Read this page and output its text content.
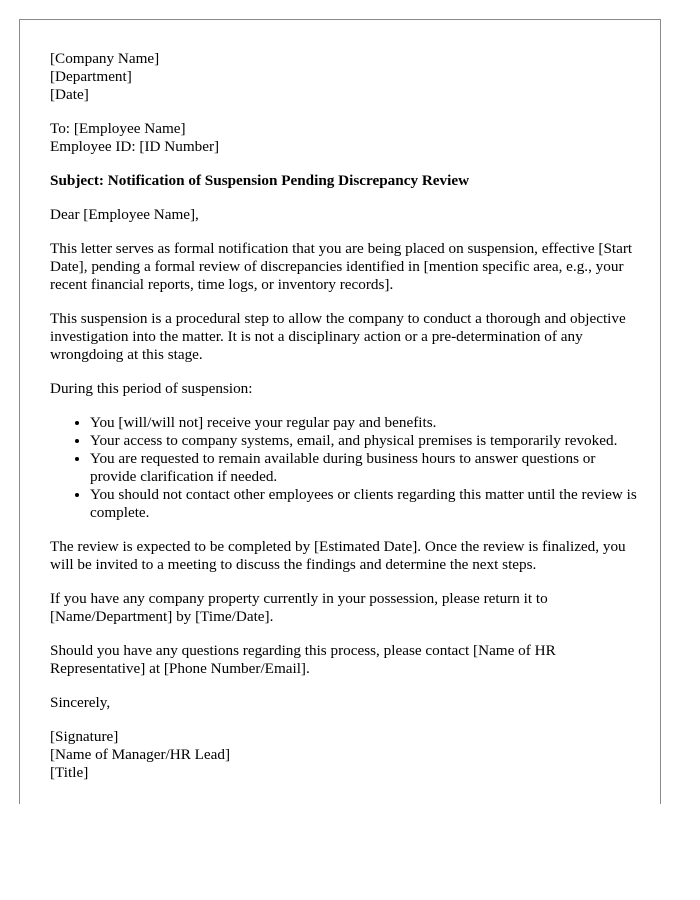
[Company Name]
[Department]
[Date]
To: [Employee Name]
Employee ID: [ID Number]

Subject: Notification of Suspension Pending Discrepancy Review

Dear [Employee Name],

This letter serves as formal notification that you are being placed on suspension, effective [Start Date], pending a formal review of discrepancies identified in [mention specific area, e.g., your recent financial reports, time logs, or inventory records].

This suspension is a procedural step to allow the company to conduct a thorough and objective investigation into the matter. It is not a disciplinary action or a pre-determination of any wrongdoing at this stage.

During this period of suspension:

• You [will/will not] receive your regular pay and benefits.
• Your access to company systems, email, and physical premises is temporarily revoked.
• You are requested to remain available during business hours to answer questions or provide clarification if needed.
• You should not contact other employees or clients regarding this matter until the review is complete.

The review is expected to be completed by [Estimated Date]. Once the review is finalized, you will be invited to a meeting to discuss the findings and determine the next steps.

If you have any company property currently in your possession, please return it to [Name/Department] by [Time/Date].

Should you have any questions regarding this process, please contact [Name of HR Representative] at [Phone Number/Email].

Sincerely,

[Signature]
[Name of Manager/HR Lead]
[Title]
